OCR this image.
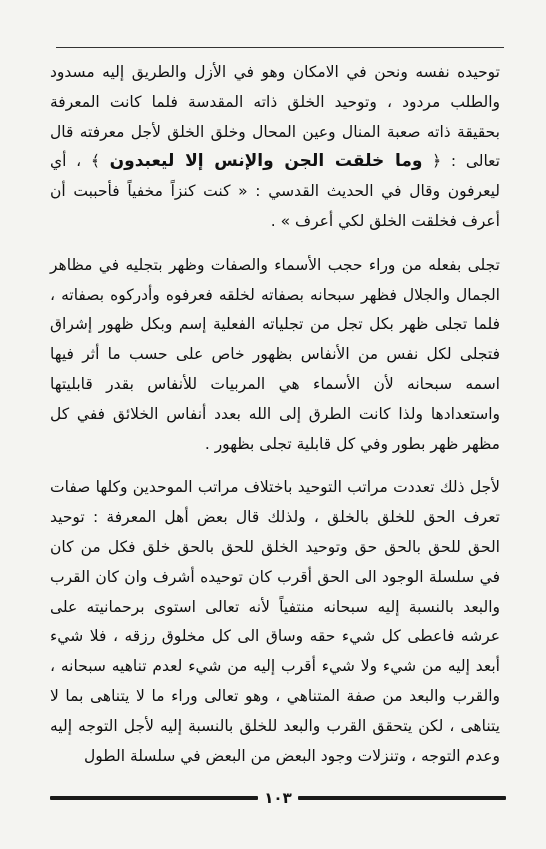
توحيده نفسه ونحن في الامكان وهو في الأزل والطريق إليه مسدود والطلب مردود ، وتوحيد الخلق ذاته المقدسة فلما كانت المعرفة بحقيقة ذاته صعبة المنال وعين المحال وخلق الخلق لأجل معرفته قال تعالى : ﴿ وما خلقت الجن والإنس إلا ليعبدون ﴾ ، أي ليعرفون وقال في الحديث القدسي : « كنت كنزاً مخفياً فأحببت أن أعرف فخلقت الخلق لكي أعرف » .

تجلى بفعله من وراء حجب الأسماء والصفات وظهر بتجليه في مظاهر الجمال والجلال فظهر سبحانه بصفاته لخلقه فعرفوه وأدركوه بصفاته ، فلما تجلى ظهر بكل تجل من تجلياته الفعلية إسم وبكل ظهور إشراق فتجلى لكل نفس من الأنفاس بظهور خاص على حسب ما أثر فيها اسمه سبحانه لأن الأسماء هي المربيات للأنفاس بقدر قابليتها واستعدادها ولذا كانت الطرق إلى الله بعدد أنفاس الخلائق ففي كل مظهر ظهر بطور وفي كل قابلية تجلى بظهور .

لأجل ذلك تعددت مراتب التوحيد باختلاف مراتب الموحدين وكلها صفات تعرف الحق للخلق بالخلق ، ولذلك قال بعض أهل المعرفة : توحيد الحق للحق بالحق حق وتوحيد الخلق للحق بالحق خلق فكل من كان في سلسلة الوجود الى الحق أقرب كان توحيده أشرف وان كان القرب والبعد بالنسبة إليه سبحانه منتفياً لأنه تعالى استوى برحمانيته على عرشه فاعطى كل شيء حقه وساق الى كل مخلوق رزقه ، فلا شيء أبعد إليه من شيء ولا شيء أقرب إليه من شيء لعدم تناهيه سبحانه ، والقرب والبعد من صفة المتناهي ، وهو تعالى وراء ما لا يتناهى بما لا يتناهى ، لكن يتحقق القرب والبعد للخلق بالنسبة إليه لأجل التوجه إليه وعدم التوجه ، وتنزلات وجود البعض من البعض في سلسلة الطول

١٠٣
